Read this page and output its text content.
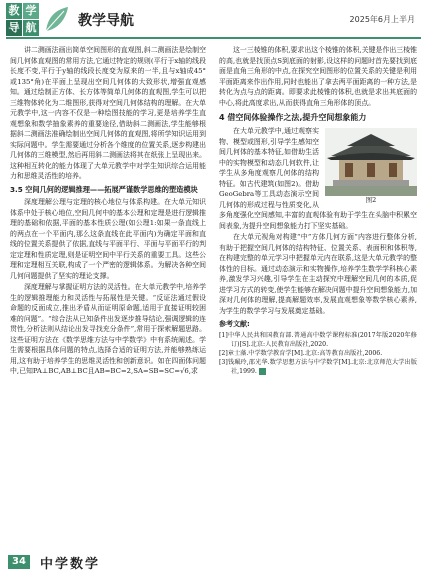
教 学
导 航	教学导航	2025年6月上半月

讲二测画法画出简单空间图形的直观图,斜二测画法是绘制空间几何体直观图的常用方法,它通过特定的规则(平行于x轴的线段长度不变,平行于y轴的线段长度变为原来的一半,且与x轴成45°或135°角)在平面上呈现出空间几何体的大致形状,增强直观感知。通过绘制正方体、长方体等简单几何体的直观图,学生可以把三维物体转化为二维图形,获得对空间几何体结构的理解。在大单元教学中,这一内容不仅是一种绘图技能的学习,更是培养学生直观想象和数学抽象素养的重要途径,借助斜二测画法,学生能够根据斜二测画法准确绘制出空间几何体的直观图,将所学知识运用到实际问题中。学生需要通过分析各个维度的位置关系,逐步构建出几何体的三维模型,然后再用斜二测画法将其在纸张上呈现出来。这种相互转化的能力体现了大单元教学中对学生知识综合运用能力和思维灵活性的培养。

3.5 空间几何的逻辑推理——拓展严谨数学思维的塑造模块

深度理解公理与定理的核心地位与体系构建。在大单元知识体系中处于核心地位,空间几何中的基本公理和定理是进行逻辑推理的基础和依据,平面的基本性质公理(如公理1:如果一条直线上的两点在一个平面内,那么这条直线在此平面内)为确定平面和直线的位置关系提供了依据,直线与平面平行、平面与平面平行的判定定理和性质定理,则是证明空间中平行关系的重要工具。这些公理和定理相互关联,构成了一个严密的逻辑体系。为解决各种空间几何问题提供了坚实的理论支撑。

深度理解与掌握证明方法的灵活性。在大单元教学中,培养学生的逻辑推理能力和灵活性与拓展性是关键。“反证法通过假设命题的反面成立,推出矛盾从而证明原命题,适用于直接证明较困难的问题”。“综合法从已知条件出发逐步推导结论,强调逻辑的连贯性,分析法则从结论出发寻找充分条件”,常用于探索解题思路。这些证明方法在《数学思维方法与中学数学》中有系统阐述。学生需要根据具体问题的特点,选择合适的证明方法,并能够熟练运用,这有助于培养学生的思维灵活性和创新意识。如在四面体问题中,已知PA⊥BC,AB⊥BC且AB=BC=2,SA=SB=SC=√6,求

这一三棱锥的体积,要求出这个棱锥的体积,关键是作出三棱锥的高,也就是找顶点S到底面的射影,设这样的问题时首先要找到底面是直角三角形的中点,在探究空间图形的位置关系的关键是利用平面距离来作出作用,同时也能出了拿去两平面距离的一种方法,是转化为点与点的距离。即要求此棱锥的体积,也就是求出其底面的中心,将此高度求出,从而获得直角三角形体的顶点。

4 借空间体验操作之法,提升空间想象能力
图2

在大单元教学中,通过观察实物、模型或图形,引导学生感知空间几何体的基本特征,如借助生活中的实物模型和动态几何软件,让学生从多角度观察几何体的结构特征。如古代建筑(如图2)。借助GeoGebra等工具动态演示空间几何体的形成过程与性质变化,从多角度强化空间感知,丰富的直观体验有助于学生在头脑中积累空间表象,为提升空间想象能力打下坚实基础。

在大单元视角对构建“中”方体几何方面“内容进行整体分析,有助于把握空间几何体的结构特征、位置关系、表面积和体积等,在构建完整的单元学习中把握单元内在联系,这是大单元教学的整体性的目标。通过动态演示和实物操作,培养学生数学学科核心素养,激发学习兴趣,引导学生在主动探究中理解空间几何的本质,促进学习方式的转变,使学生能够在解决问题中提升空间想象能力,加深对几何体的理解,提高解题效率,发展直观想象等数学核心素养,为学生的数学学习与发展奠定基础。

参考文献:
[1]中华人民共和国教育部.普通高中数学课程标准(2017年版2020年修订)[S].北京:人民教育出版社,2020.
[2]章士藻.中学数学教育学[M].北京:高等教育出版社,2006.
[3]钱珮玲,邵光华.数学思想方法与中学数学[M].北京:北京师范大学出版社,1999.
34	中学数学
